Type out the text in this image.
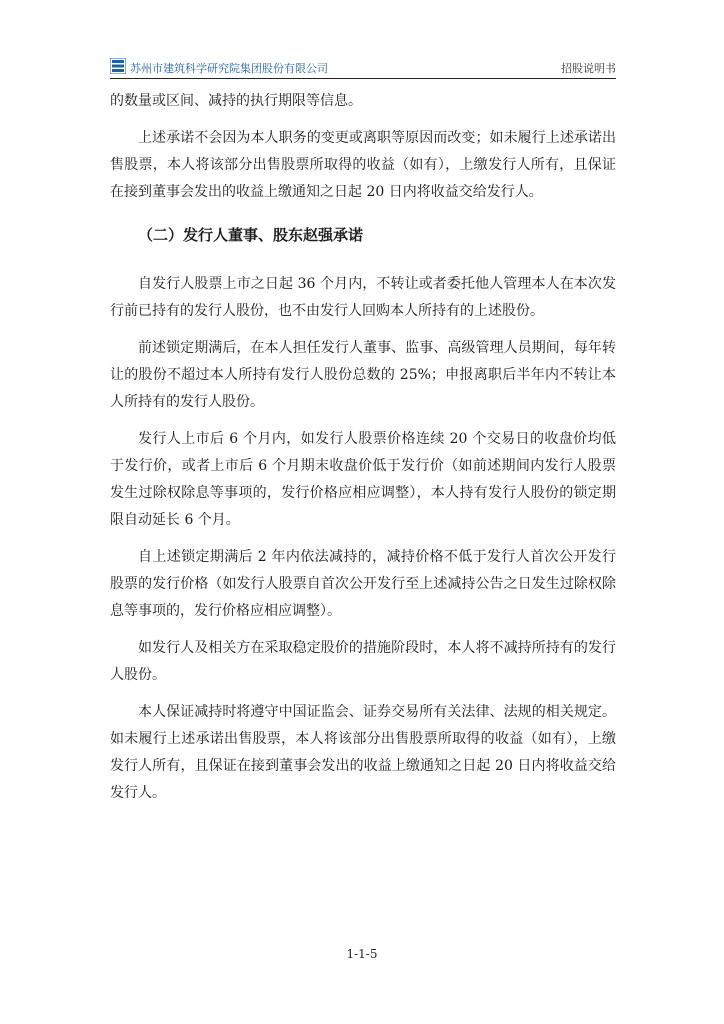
苏州市建筑科学研究院集团股份有限公司	招股说明书

的数量或区间、减持的执行期限等信息。

上述承诺不会因为本人职务的变更或离职等原因而改变；如未履行上述承诺出售股票，本人将该部分出售股票所取得的收益（如有），上缴发行人所有，且保证在接到董事会发出的收益上缴通知之日起 20 日内将收益交给发行人。

（二）发行人董事、股东赵强承诺

自发行人股票上市之日起 36 个月内，不转让或者委托他人管理本人在本次发行前已持有的发行人股份，也不由发行人回购本人所持有的上述股份。

前述锁定期满后，在本人担任发行人董事、监事、高级管理人员期间，每年转让的股份不超过本人所持有发行人股份总数的 25%；申报离职后半年内不转让本人所持有的发行人股份。

发行人上市后 6 个月内，如发行人股票价格连续 20 个交易日的收盘价均低于发行价，或者上市后 6 个月期末收盘价低于发行价（如前述期间内发行人股票发生过除权除息等事项的，发行价格应相应调整），本人持有发行人股份的锁定期限自动延长 6 个月。

自上述锁定期满后 2 年内依法减持的，减持价格不低于发行人首次公开发行股票的发行价格（如发行人股票自首次公开发行至上述减持公告之日发生过除权除息等事项的，发行价格应相应调整）。

如发行人及相关方在采取稳定股价的措施阶段时，本人将不减持所持有的发行人股份。

本人保证减持时将遵守中国证监会、证券交易所有关法律、法规的相关规定。如未履行上述承诺出售股票，本人将该部分出售股票所取得的收益（如有），上缴发行人所有，且保证在接到董事会发出的收益上缴通知之日起 20 日内将收益交给发行人。

1-1-5
